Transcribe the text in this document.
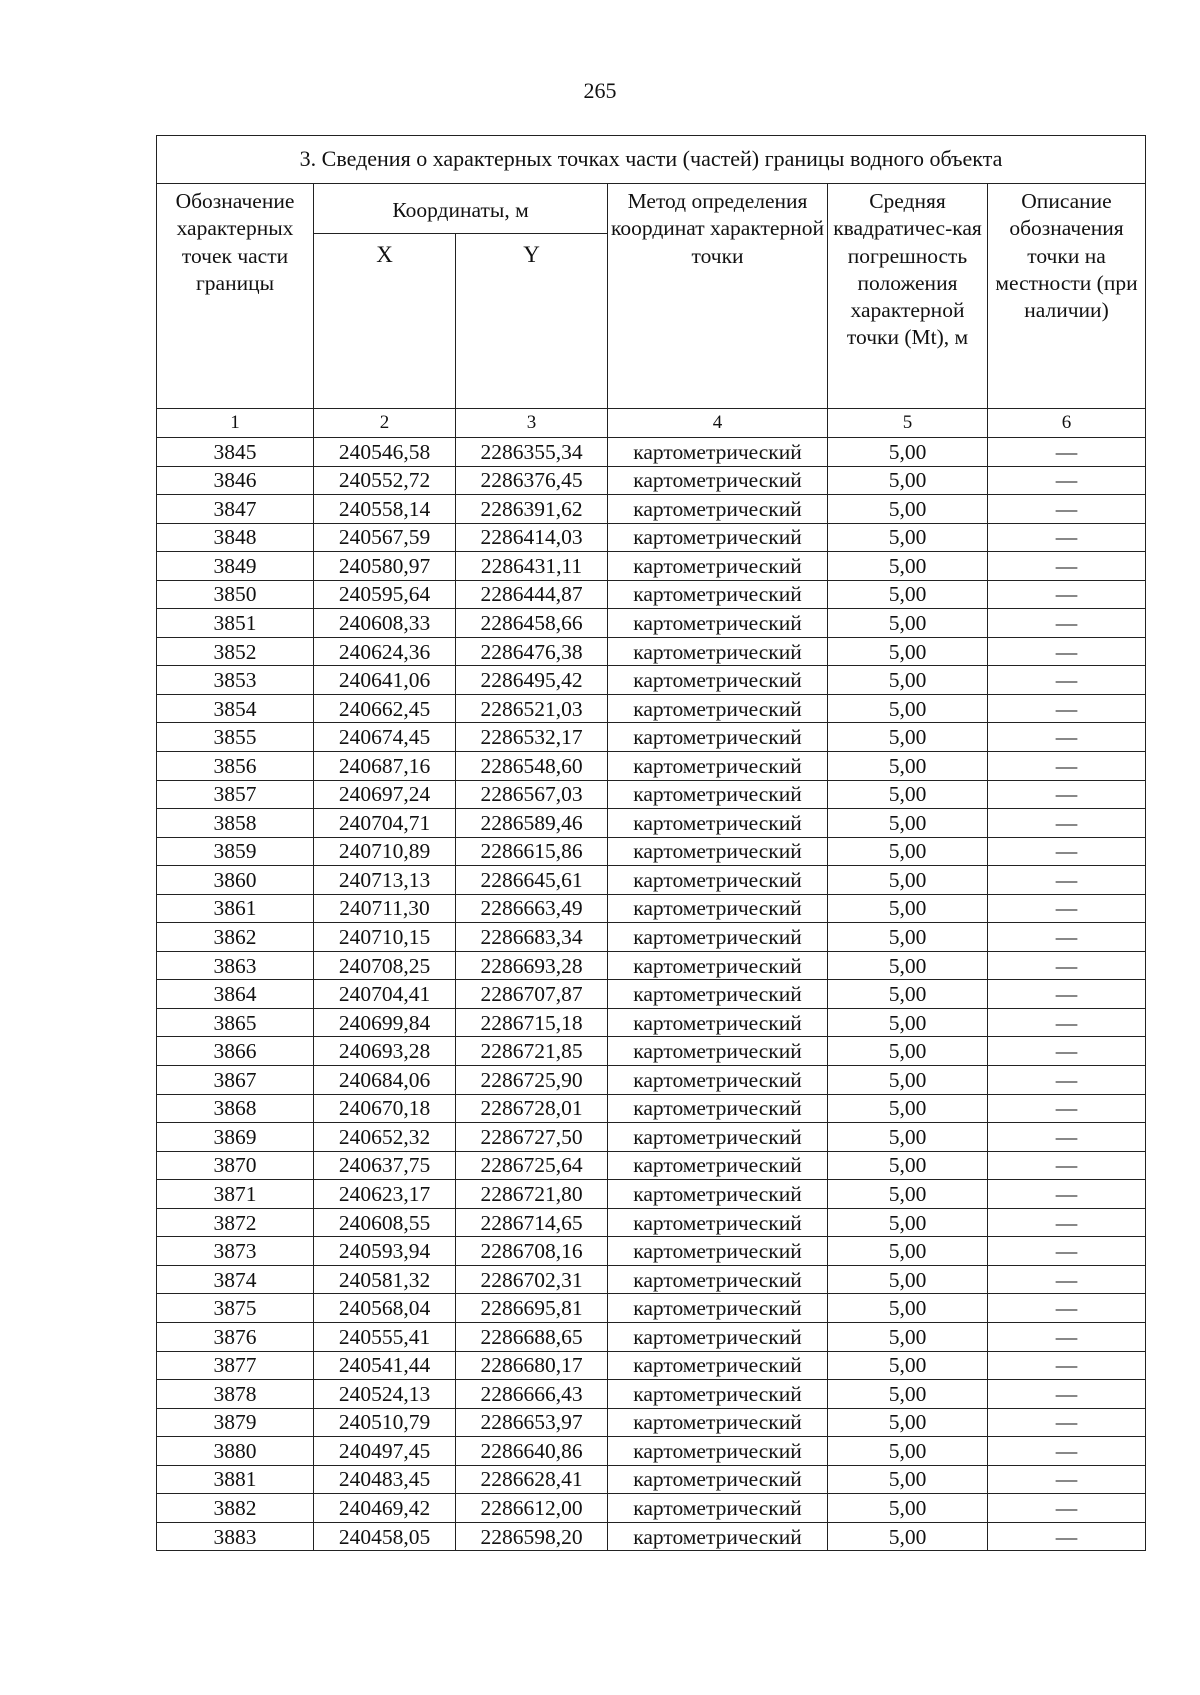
265
3. Сведения о характерных точках части (частей) границы водного объекта					
Обозначение характерных точек части границы	Координаты, м		Метод определения координат характерной точки	Средняя квадратичес-кая погрешность положения характерной точки (Mt), м	Описание обозначения точки на местности (при наличии)
	X	Y			
1	2	3	4	5	6
3845	240546,58	2286355,34	картометрический	5,00	—
3846	240552,72	2286376,45	картометрический	5,00	—
3847	240558,14	2286391,62	картометрический	5,00	—
3848	240567,59	2286414,03	картометрический	5,00	—
3849	240580,97	2286431,11	картометрический	5,00	—
3850	240595,64	2286444,87	картометрический	5,00	—
3851	240608,33	2286458,66	картометрический	5,00	—
3852	240624,36	2286476,38	картометрический	5,00	—
3853	240641,06	2286495,42	картометрический	5,00	—
3854	240662,45	2286521,03	картометрический	5,00	—
3855	240674,45	2286532,17	картометрический	5,00	—
3856	240687,16	2286548,60	картометрический	5,00	—
3857	240697,24	2286567,03	картометрический	5,00	—
3858	240704,71	2286589,46	картометрический	5,00	—
3859	240710,89	2286615,86	картометрический	5,00	—
3860	240713,13	2286645,61	картометрический	5,00	—
3861	240711,30	2286663,49	картометрический	5,00	—
3862	240710,15	2286683,34	картометрический	5,00	—
3863	240708,25	2286693,28	картометрический	5,00	—
3864	240704,41	2286707,87	картометрический	5,00	—
3865	240699,84	2286715,18	картометрический	5,00	—
3866	240693,28	2286721,85	картометрический	5,00	—
3867	240684,06	2286725,90	картометрический	5,00	—
3868	240670,18	2286728,01	картометрический	5,00	—
3869	240652,32	2286727,50	картометрический	5,00	—
3870	240637,75	2286725,64	картометрический	5,00	—
3871	240623,17	2286721,80	картометрический	5,00	—
3872	240608,55	2286714,65	картометрический	5,00	—
3873	240593,94	2286708,16	картометрический	5,00	—
3874	240581,32	2286702,31	картометрический	5,00	—
3875	240568,04	2286695,81	картометрический	5,00	—
3876	240555,41	2286688,65	картометрический	5,00	—
3877	240541,44	2286680,17	картометрический	5,00	—
3878	240524,13	2286666,43	картометрический	5,00	—
3879	240510,79	2286653,97	картометрический	5,00	—
3880	240497,45	2286640,86	картометрический	5,00	—
3881	240483,45	2286628,41	картометрический	5,00	—
3882	240469,42	2286612,00	картометрический	5,00	—
3883	240458,05	2286598,20	картометрический	5,00	—
